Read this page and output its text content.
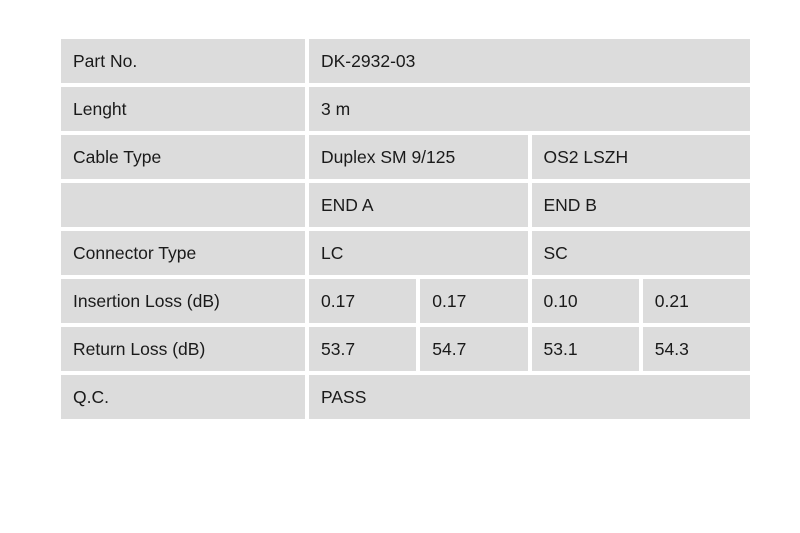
Part No.	DK-2932-03			
Lenght	3 m			
Cable Type	Duplex SM 9/125		OS2 LSZH	
	END A		END B	
Connector Type	LC		SC	
Insertion Loss (dB)	0.17	0.17	0.10	0.21
Return Loss (dB)	53.7	54.7	53.1	54.3
Q.C.	PASS			
